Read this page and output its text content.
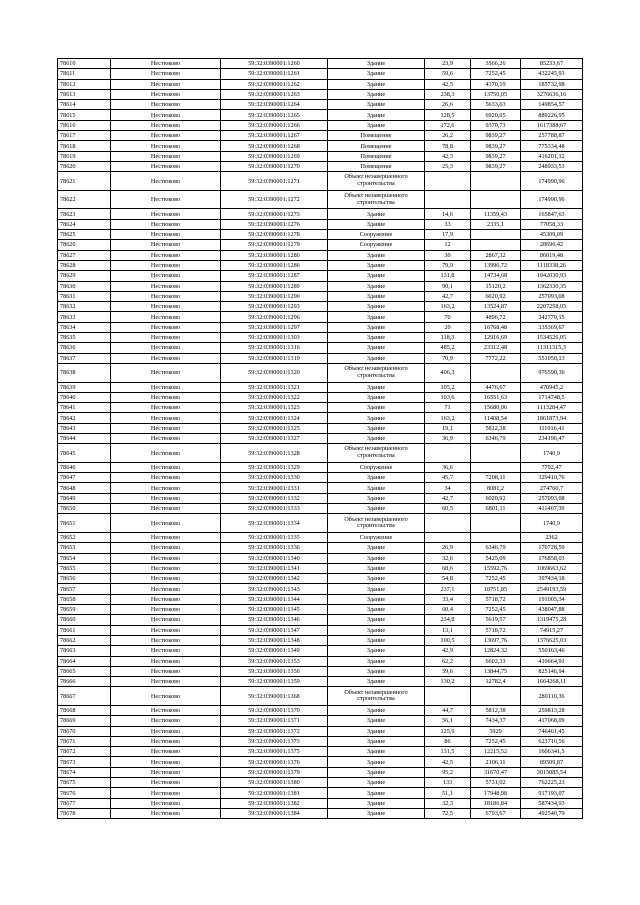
78610	Нестюково	59:32:0390001:1260	Здание	23,9	3566,26	85233,67
78611	Нестюково	59:32:0390001:1261	Здание	59,6	7252,45	432245,93
78612	Нестюково	59:32:0390001:1262	Здание	42,5	4370,19	185732,98
78613	Нестюково	59:32:0390001:1263	Здание	238,3	13750,05	3276636,16
78614	Нестюково	59:32:0390001:1264	Здание	26,6	5633,63	149854,57
78615	Нестюково	59:32:0390001:1265	Здание	128,5	6920,05	889226,95
78616	Нестюково	59:32:0390001:1266	Здание	172,6	9370,73	1617388,67
78617	Нестюково	59:32:0390001:1267	Помещение	26,2	9839,27	257788,87
78618	Нестюково	59:32:0390001:1268	Помещение	78,8	9839,27	775334,48
78619	Нестюково	59:32:0390001:1269	Помещение	42,3	9839,27	416201,12
78620	Нестюково	59:32:0390001:1270	Помещение	25,3	9839,27	248933,53
78621	Нестюково	59:32:0390001:1271	Объект незавершенного строительства			174990,96
78622	Нестюково	59:32:0390001:1272	Объект незавершенного строительства			174990,96
78623	Нестюково	59:32:0390001:1273	Здание	14,6	11359,43	165847,63
78624	Нестюково	59:32:0390001:1276	Здание	33	2335,1	77058,33
78625	Нестюково	59:32:0390001:1278	Сооружение	17,9		45309,09
78626	Нестюково	59:32:0390001:1279	Сооружение	12		28696,42
78627	Нестюково	59:32:0390001:1280	Здание	30	2867,32	86019,48
78628	Нестюково	59:32:0390001:1286	Здание	79,9	13996,72	1118338,26
78629	Нестюково	59:32:0390001:1287	Здание	131,8	14734,68	1942030,93
78630	Нестюково	59:32:0390001:1289	Здание	90,1	15120,2	1362330,35
78631	Нестюково	59:32:0390001:1290	Здание	42,7	6020,92	257093,08
78632	Нестюково	59:32:0390001:1293	Здание	163,2	13524,87	2207258,05
78633	Нестюково	59:32:0390001:1296	Здание	70	4896,72	342770,15
78634	Нестюково	59:32:0390001:1297	Здание	20	16768,48	335369,67
78635	Нестюково	59:32:0390001:1303	Здание	118,3	12916,69	1534526,05
78636	Нестюково	59:32:0390001:1316	Здание	485,2	23312,48	11311315,3
78637	Нестюково	59:32:0390001:1319	Здание	70,9	7772,22	551050,13
78638	Нестюково	59:32:0390001:1320	Объект незавершенного строительства	406,3		976590,36
78639	Нестюково	59:32:0390001:1321	Здание	105,2	4476,67	470945,2
78640	Нестюково	59:32:0390001:1322	Здание	103,6	16551,63	1714748,5
78641	Нестюково	59:32:0390001:1323	Здание	71	15680,06	1113284,47
78642	Нестюково	59:32:0390001:1324	Здание	163,2	11408,54	1861873,94
78643	Нестюково	59:32:0390001:1325	Здание	19,1	5812,38	111016,41
78644	Нестюково	59:32:0390001:1327	Здание	36,9	6346,79	234196,47
78645	Нестюково	59:32:0390001:1328	Объект незавершенного строительства			1740,9
78646	Нестюково	59:32:0390001:1329	Сооружение	36,6		7792,47
78647	Нестюково	59:32:0390001:1330	Здание	45,7	7208,11	329410,76
78648	Нестюково	59:32:0390001:1331	Здание	34	8081,2	274760,7
78649	Нестюково	59:32:0390001:1332	Здание	42,7	6020,92	257093,08
78650	Нестюково	59:32:0390001:1333	Здание	60,5	6801,11	411467,39
78651	Нестюково	59:32:0390001:1334	Объект незавершенного строительства			1740,9
78652	Нестюково	59:32:0390001:1335	Сооружение			2362
78653	Нестюково	59:32:0390001:1336	Здание	26,9	6346,79	170728,59
78654	Нестюково	59:32:0390001:1340	Здание	32,6	5425,09	176858,03
78655	Нестюково	59:32:0390001:1341	Здание	68,6	15592,76	1069663,62
78656	Нестюково	59:32:0390001:1342	Здание	54,8	7252,45	397434,18
78657	Нестюково	59:32:0390001:1343	Здание	237,1	10751,85	2549193,59
78658	Нестюково	59:32:0390001:1344	Здание	33,4	5718,72	191005,34
78659	Нестюково	59:32:0390001:1345	Здание	60,4	7252,45	438047,88
78660	Нестюково	59:32:0390001:1346	Здание	234,8	5619,57	1319475,28
78661	Нестюково	59:32:0390001:1347	Здание	13,1	5718,72	74915,27
78662	Нестюково	59:32:0390001:1348	Здание	100,5	13697,76	1376625,03
78663	Нестюково	59:32:0390001:1349	Здание	42,9	12824,32	550163,46
78664	Нестюково	59:32:0390001:1353	Здание	62,2	6602,33	410664,91
78665	Нестюково	59:32:0390001:1356	Здание	59,6	13844,75	825146,94
78666	Нестюково	59:32:0390001:1359	Здание	130,2	12782,4	1664268,11
78667	Нестюково	59:32:0390001:1368	Объект незавершенного строительства			280110,36
78668	Нестюково	59:32:0390001:1370	Здание	44,7	5812,38	259813,28
78669	Нестюково	59:32:0390001:1371	Здание	56,1	7434,37	417068,09
78670	Нестюково	59:32:0390001:1372	Здание	125,9	5929	746461,45
78671	Нестюково	59:32:0390001:1373	Здание	86	7252,45	623710,56
78672	Нестюково	59:32:0390001:1375	Здание	131,5	12215,52	1606341,5
78673	Нестюково	59:32:0390001:1376	Здание	42,5	2106,11	89509,87
78674	Нестюково	59:32:0390001:1379	Здание	95,2	31670,47	3015085,54
78675	Нестюково	59:32:0390001:1380	Здание	133	5731,02	762225,23
78676	Нестюково	59:32:0390001:1381	Здание	51,1	17948,98	917193,07
78677	Нестюково	59:32:0390001:1382	Здание	32,3	18186,84	587434,93
78678	Нестюково	59:32:0390001:1384	Здание	72,5	6793,67	492540,79
